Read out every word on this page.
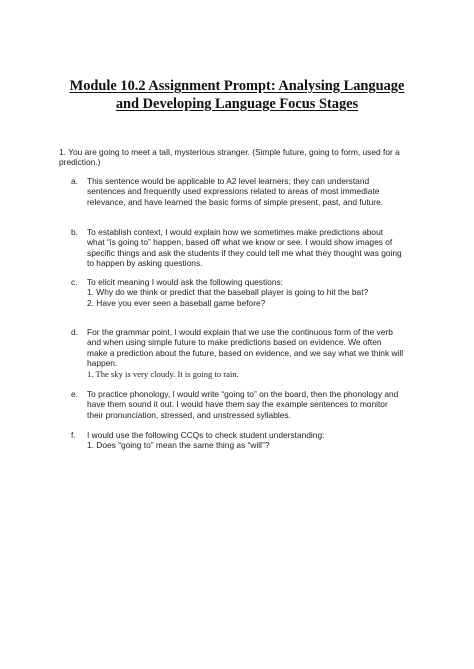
Module 10.2 Assignment Prompt: Analysing Language
and Developing Language Focus Stages
1. You are going to meet a tall, mysterious stranger. (Simple future, going to form, used for a
prediction.)
a.	This sentence would be applicable to A2 level learners; they can understand
sentences and frequently used expressions related to areas of most immediate
relevance, and have learned the basic forms of simple present, past, and future.
b.	To establish context, I would explain how we sometimes make predictions about
what “is going to” happen, based off what we know or see. I would show images of
specific things and ask the students if they could tell me what they thought was going
to happen by asking questions.
c.	To elicit meaning I would ask the following questions:
1. Why do we think or predict that the baseball player is going to hit the bat?
2. Have you ever seen a baseball game before?
d.	For the grammar point, I would explain that we use the continuous form of the verb
and when using simple future to make predictions based on evidence. We often
make a prediction about the future, based on evidence, and we say what we think will
happen.
1. The sky is very cloudy. It is going to rain.
e.	To practice phonology, I would write “going to” on the board, then the phonology and
have them sound it out. I would have them say the example sentences to monitor
their pronunciation, stressed, and unstressed syllables.
f.	I would use the following CCQs to check student understanding:
1. Does “going to” mean the same thing as “will”?
